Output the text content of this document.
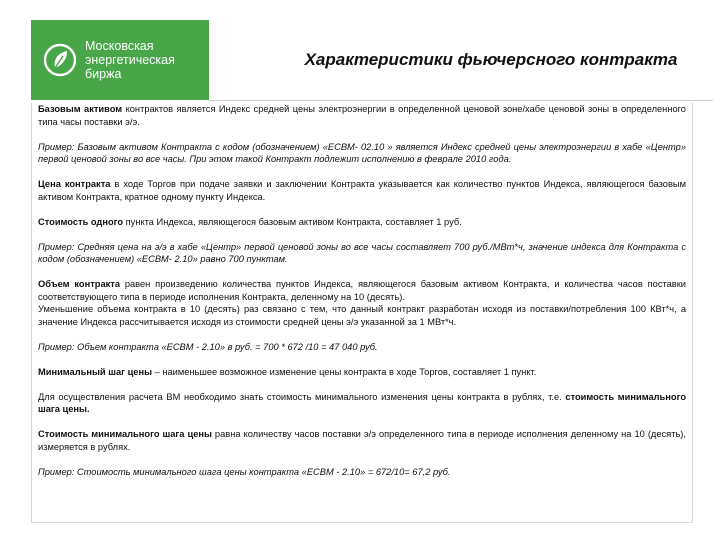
Московская
энергетическая
биржа
Характеристики фьючерсного контракта

Базовым активом контрактов является Индекс средней цены электроэнергии в определенной ценовой зоне/хабе ценовой зоны в определенного типа часы поставки э/э.

Пример: Базовым активом Контракта с кодом (обозначением) «ЕСВМ- 02.10 » является Индекс средней цены электроэнергии в хабе «Центр» первой ценовой зоны во все часы. При этом такой Контракт подлежит исполнению в феврале 2010 года.

Цена контракта в ходе Торгов при подаче заявки и заключении Контракта указывается как количество пунктов Индекса, являющегося базовым активом Контракта, кратное одному пункту Индекса.

Стоимость одного пункта Индекса, являющегося базовым активом Контракта, составляет 1 руб.

Пример: Средняя цена на э/э в хабе «Центр» первой ценовой зоны во все часы составляет 700 руб./МВт*ч, значение индекса для Контракта с кодом (обозначением) «ЕСВМ- 2.10» равно 700 пунктам.

Объем контракта равен произведению количества пунктов Индекса, являющегося базовым активом Контракта, и количества часов поставки соответствующего типа в периоде исполнения Контракта, деленному на 10 (десять).

Уменьшение объема контракта в 10 (десять) раз связано с тем, что данный контракт разработан исходя из поставки/потребления 100 КВт*ч, а значение Индекса рассчитывается исходя из стоимости средней цены э/э указанной за 1 МВт*ч.

Пример: Объем контракта «ЕСВМ - 2.10» в руб. = 700 * 672 /10 = 47 040 руб.

Минимальный шаг цены – наименьшее возможное изменение цены контракта в ходе Торгов, составляет 1 пункт.

Для осуществления расчета ВМ необходимо знать стоимость минимального изменения цены контракта в рублях, т.е. стоимость минимального шага цены.

Стоимость минимального шага цены равна количеству часов поставки э/э определенного типа в периоде исполнения деленному на 10 (десять), измеряется в рублях.

Пример: Стоимость минимального шага цены контракта «ЕСВМ - 2.10» = 672/10= 67,2 руб.
